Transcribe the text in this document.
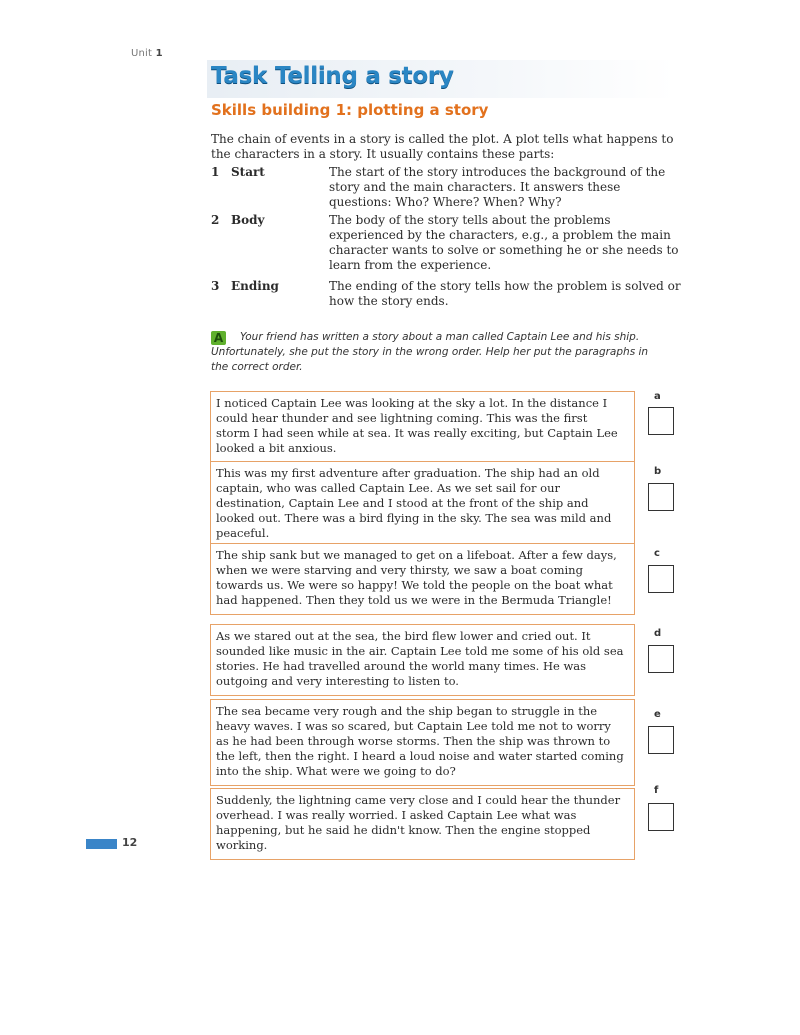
Unit 1
Task Telling a story
Skills building 1: plotting a story
The chain of events in a story is called the plot. A plot tells what happens to the characters in a story. It usually contains these parts:
1 Start	The start of the story introduces the background of the story and the main characters. It answers these questions: Who? Where? When? Why?
2 Body	The body of the story tells about the problems experienced by the characters, e.g., a problem the main character wants to solve or something he or she needs to learn from the experience.
3 Ending	The ending of the story tells how the problem is solved or how the story ends.
A Your friend has written a story about a man called Captain Lee and his ship. Unfortunately, she put the story in the wrong order. Help her put the paragraphs in the correct order.
I noticed Captain Lee was looking at the sky a lot. In the distance I could hear thunder and see lightning coming. This was the first storm I had seen while at sea. It was really exciting, but Captain Lee looked a bit anxious.
a
This was my first adventure after graduation. The ship had an old captain, who was called Captain Lee. As we set sail for our destination, Captain Lee and I stood at the front of the ship and looked out. There was a bird flying in the sky. The sea was mild and peaceful.
b
The ship sank but we managed to get on a lifeboat. After a few days, when we were starving and very thirsty, we saw a boat coming towards us. We were so happy! We told the people on the boat what had happened. Then they told us we were in the Bermuda Triangle!
c
As we stared out at the sea, the bird flew lower and cried out. It sounded like music in the air. Captain Lee told me some of his old sea stories. He had travelled around the world many times. He was outgoing and very interesting to listen to.
d
The sea became very rough and the ship began to struggle in the heavy waves. I was so scared, but Captain Lee told me not to worry as he had been through worse storms. Then the ship was thrown to the left, then the right. I heard a loud noise and water started coming into the ship. What were we going to do?
e
Suddenly, the lightning came very close and I could hear the thunder overhead. I was really worried. I asked Captain Lee what was happening, but he said he didn't know. Then the engine stopped working.
f
12
